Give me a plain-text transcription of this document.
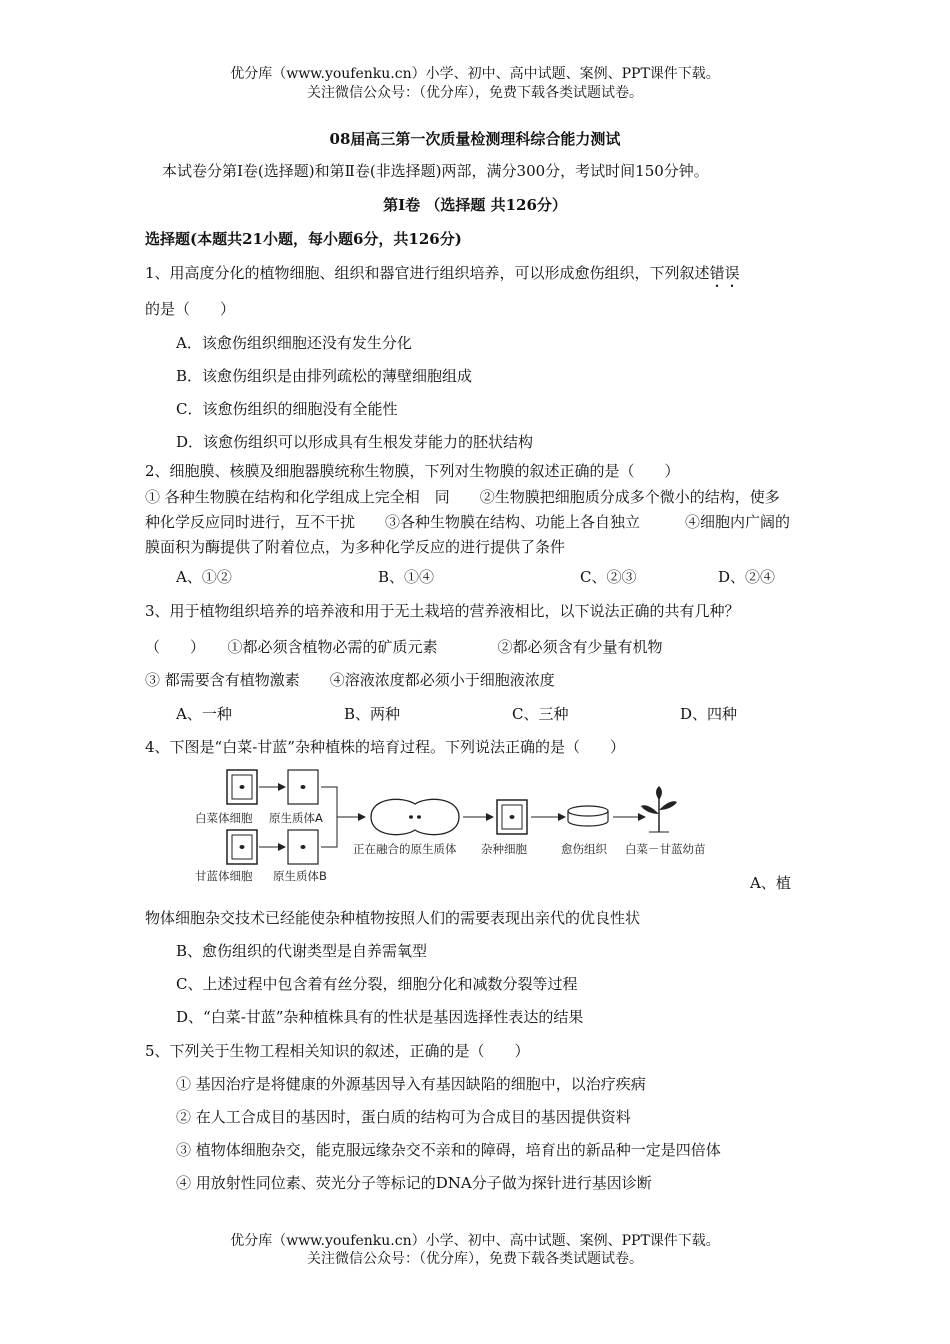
优分库（www.youfenku.cn）小学、初中、高中试题、案例、PPT课件下载。
关注微信公众号：（优分库），免费下载各类试题试卷。
08届高三第一次质量检测理科综合能力测试
本试卷分第Ⅰ卷(选择题)和第Ⅱ卷(非选择题)两部，满分300分，考试时间150分钟。
第Ⅰ卷 （选择题 共126分）
选择题(本题共21小题，每小题6分，共126分)
1、用高度分化的植物细胞、组织和器官进行组织培养，可以形成愈伤组织，下列叙述错误
的是（　　）
A．该愈伤组织细胞还没有发生分化
B．该愈伤组织是由排列疏松的薄壁细胞组成
C．该愈伤组织的细胞没有全能性
D．该愈伤组织可以形成具有生根发芽能力的胚状结构
2、细胞膜、核膜及细胞器膜统称生物膜，下列对生物膜的叙述正确的是（　　）
① 各种生物膜在结构和化学组成上完全相　同　　②生物膜把细胞质分成多个微小的结构，使多
种化学反应同时进行，互不干扰　　③各种生物膜在结构、功能上各自独立　　　④细胞内广阔的
膜面积为酶提供了附着位点，为多种化学反应的进行提供了条件
A、①②	B、①④	C、②③	D、②④
3、用于植物组织培养的培养液和用于无土栽培的营养液相比，以下说法正确的共有几种？
（　　）　　①都必须含植物必需的矿质元素　　　　②都必须含有少量有机物
③ 都需要含有植物激素　　④溶液浓度都必须小于细胞液浓度
A、一种	B、两种	C、三种	D、四种
4、下图是“白菜-甘蓝”杂种植株的培育过程。下列说法正确的是（　　）
白菜体细胞 原生质体A
甘蓝体细胞 原生质体B
正在融合的原生质体 杂种细胞	愈伤组织 白菜－甘蓝幼苗
A、植
物体细胞杂交技术已经能使杂种植物按照人们的需要表现出亲代的优良性状
B、愈伤组织的代谢类型是自养需氧型
C、上述过程中包含着有丝分裂，细胞分化和减数分裂等过程
D、“白菜-甘蓝”杂种植株具有的性状是基因选择性表达的结果
5、下列关于生物工程相关知识的叙述，正确的是（　　）
① 基因治疗是将健康的外源基因导入有基因缺陷的细胞中，以治疗疾病
② 在人工合成目的基因时，蛋白质的结构可为合成目的基因提供资料
③ 植物体细胞杂交，能克服远缘杂交不亲和的障碍，培育出的新品种一定是四倍体
④ 用放射性同位素、荧光分子等标记的DNA分子做为探针进行基因诊断
优分库（www.youfenku.cn）小学、初中、高中试题、案例、PPT课件下载。
关注微信公众号：（优分库），免费下载各类试题试卷。
